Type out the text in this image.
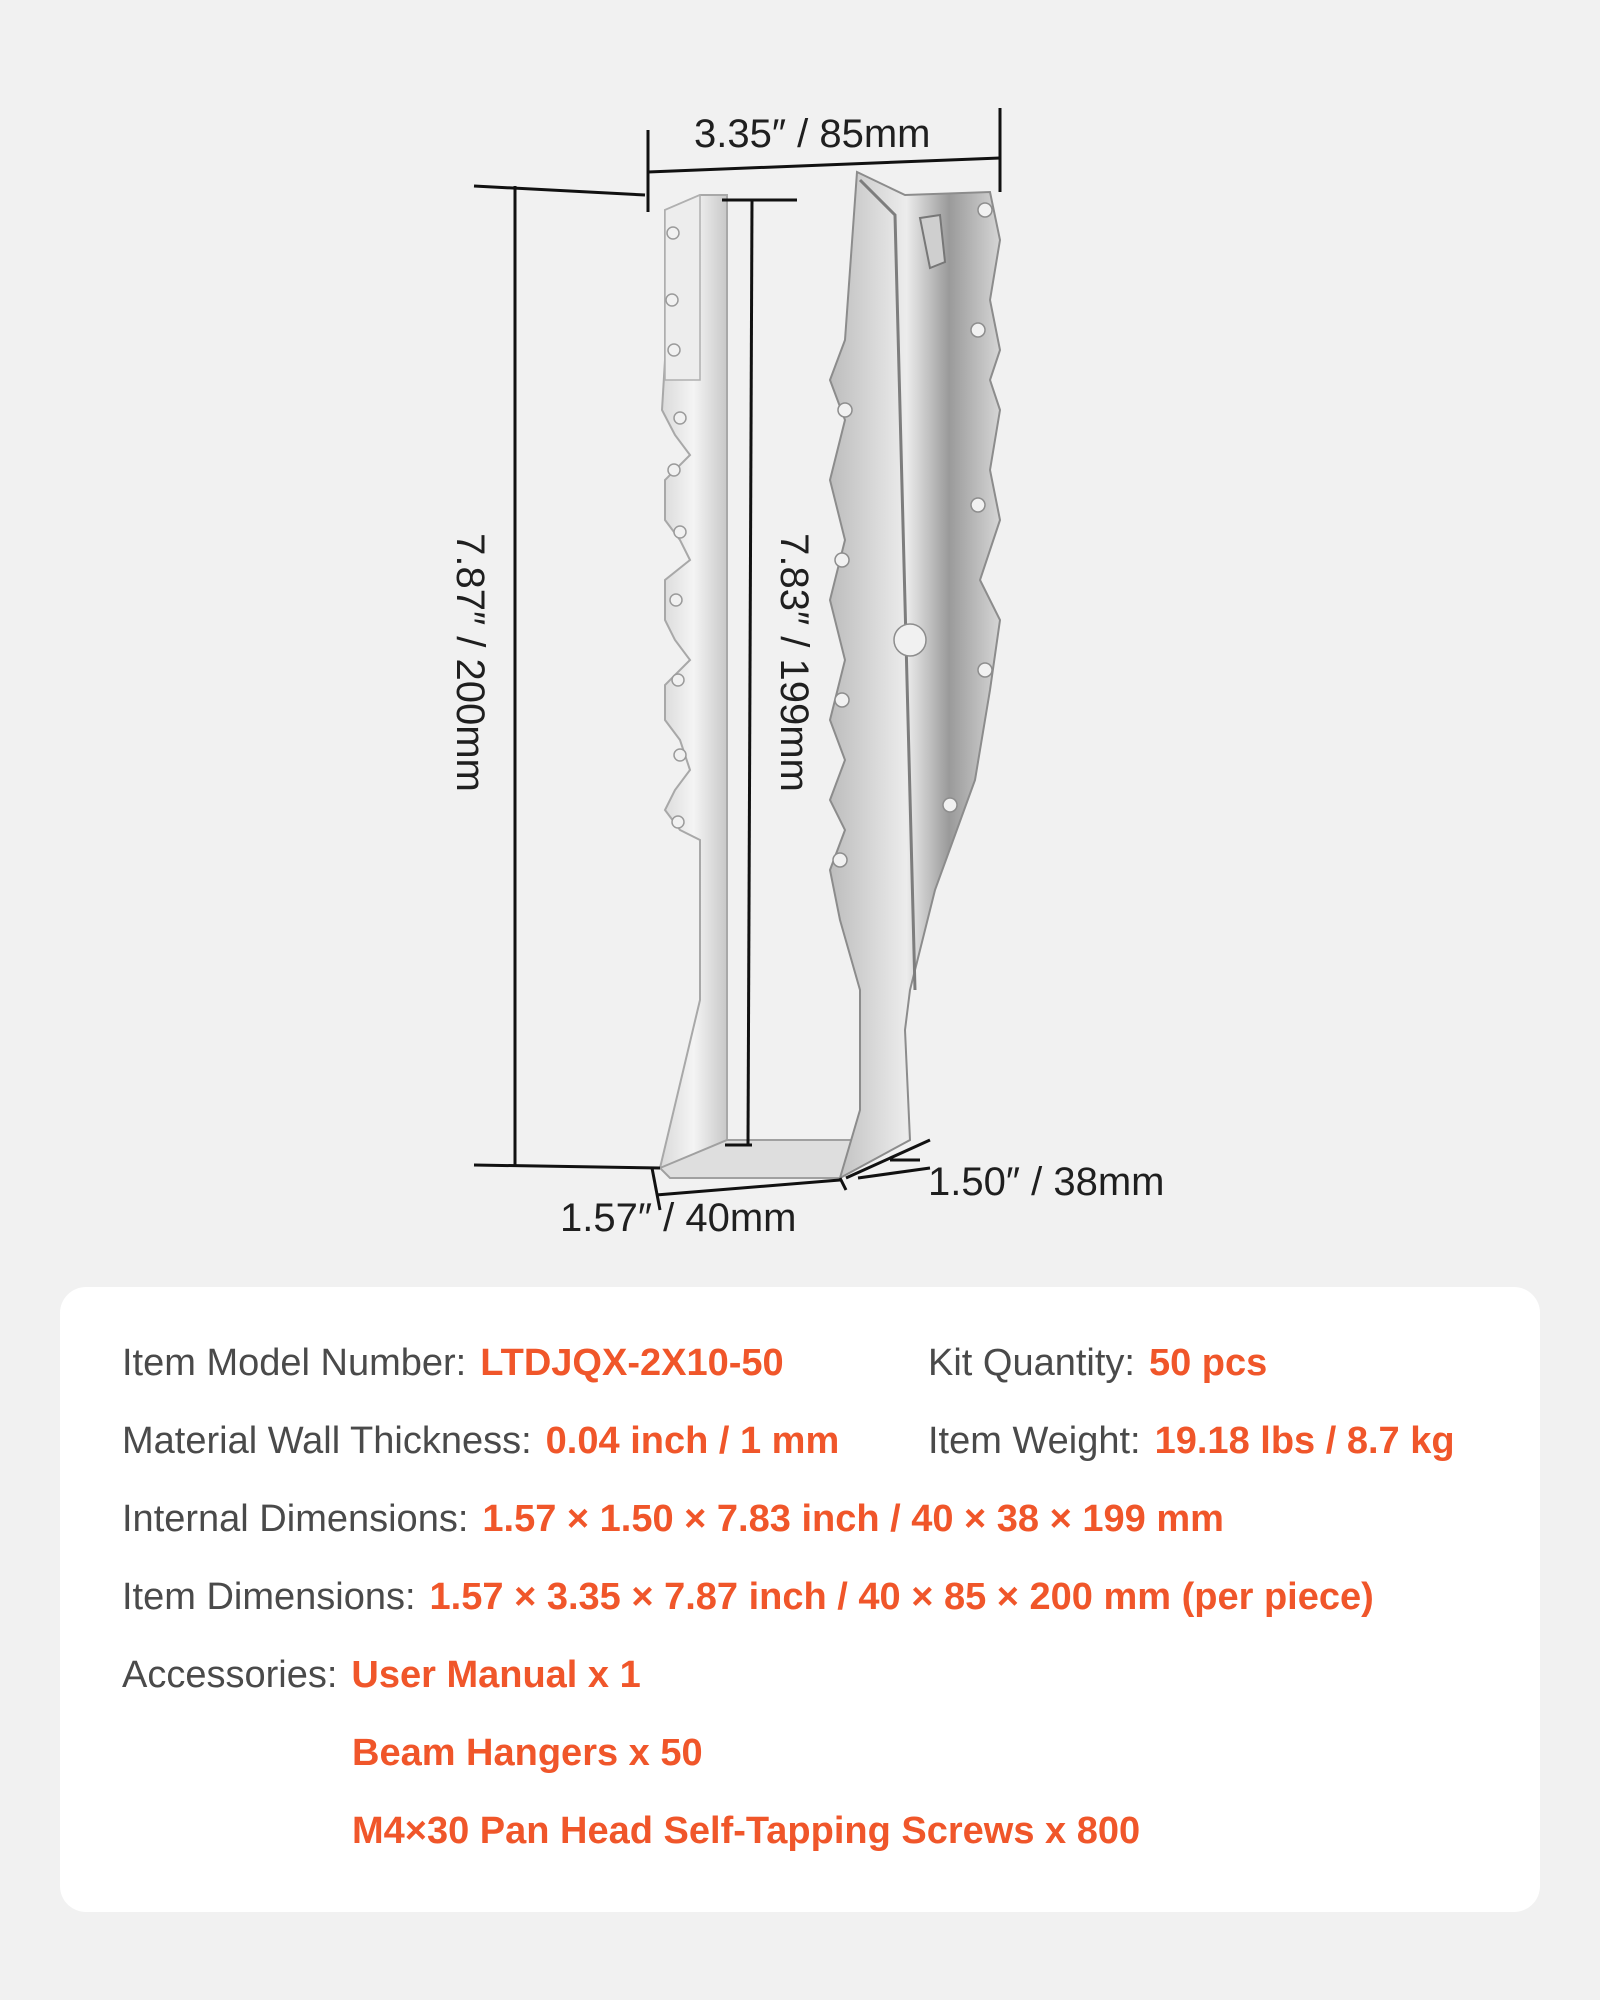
3.35″ / 85mm
7.87″ / 200mm	7.83″ / 199mm
1.57″ / 40mm
1.50″ / 38mm
Item Model Number: LTDJQX-2X10-50	Kit Quantity: 50 pcs
Material Wall Thickness: 0.04 inch / 1 mm Item Weight: 19.18 lbs / 8.7 kg
Internal Dimensions: 1.57 × 1.50 × 7.83 inch / 40 × 38 × 199 mm
Item Dimensions: 1.57 × 3.35 × 7.87 inch / 40 × 85 × 200 mm (per piece)
Accessories: User Manual x 1
Beam Hangers x 50
M4×30 Pan Head Self-Tapping Screws x 800
